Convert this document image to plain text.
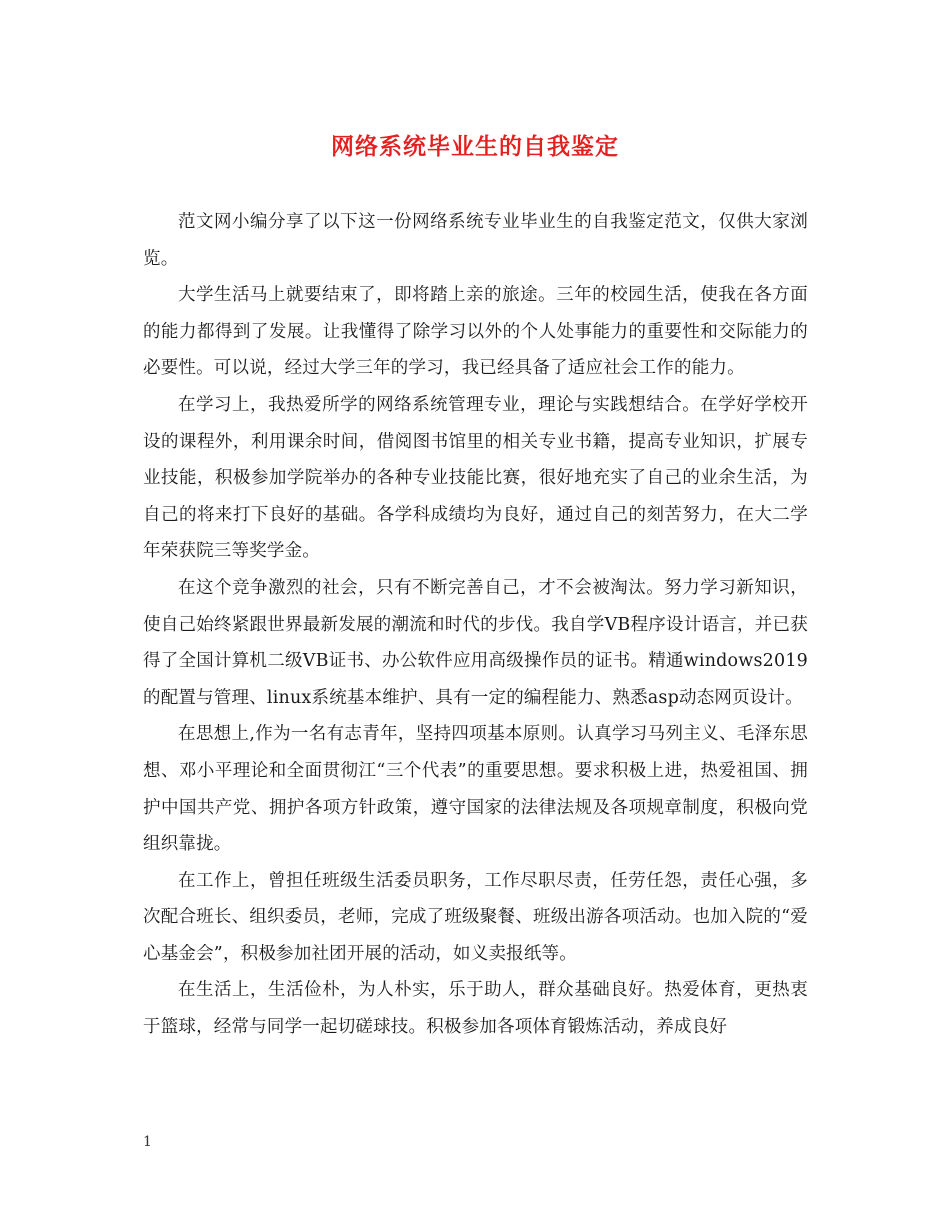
网络系统毕业生的自我鉴定

范文网小编分享了以下这一份网络系统专业毕业生的自我鉴定范文，仅供大家浏览。

大学生活马上就要结束了，即将踏上亲的旅途。三年的校园生活，使我在各方面的能力都得到了发展。让我懂得了除学习以外的个人处事能力的重要性和交际能力的必要性。可以说，经过大学三年的学习，我已经具备了适应社会工作的能力。

在学习上，我热爱所学的网络系统管理专业，理论与实践想结合。在学好学校开设的课程外，利用课余时间，借阅图书馆里的相关专业书籍，提高专业知识，扩展专业技能，积极参加学院举办的各种专业技能比赛，很好地充实了自己的业余生活，为自己的将来打下良好的基础。各学科成绩均为良好，通过自己的刻苦努力，在大二学年荣获院三等奖学金。

在这个竞争激烈的社会，只有不断完善自己，才不会被淘汰。努力学习新知识，使自己始终紧跟世界最新发展的潮流和时代的步伐。我自学VB程序设计语言，并已获得了全国计算机二级VB证书、办公软件应用高级操作员的证书。精通windows2019的配置与管理、linux系统基本维护、具有一定的编程能力、熟悉asp动态网页设计。

在思想上,作为一名有志青年，坚持四项基本原则。认真学习马列主义、毛泽东思想、邓小平理论和全面贯彻江“三个代表”的重要思想。要求积极上进，热爱祖国、拥护中国共产党、拥护各项方针政策，遵守国家的法律法规及各项规章制度，积极向党组织靠拢。

在工作上，曾担任班级生活委员职务，工作尽职尽责，任劳任怨，责任心强，多次配合班长、组织委员，老师，完成了班级聚餐、班级出游各项活动。也加入院的“爱心基金会”，积极参加社团开展的活动，如义卖报纸等。

在生活上，生活俭朴，为人朴实，乐于助人，群众基础良好。热爱体育，更热衷于篮球，经常与同学一起切磋球技。积极参加各项体育锻炼活动，养成良好

1
